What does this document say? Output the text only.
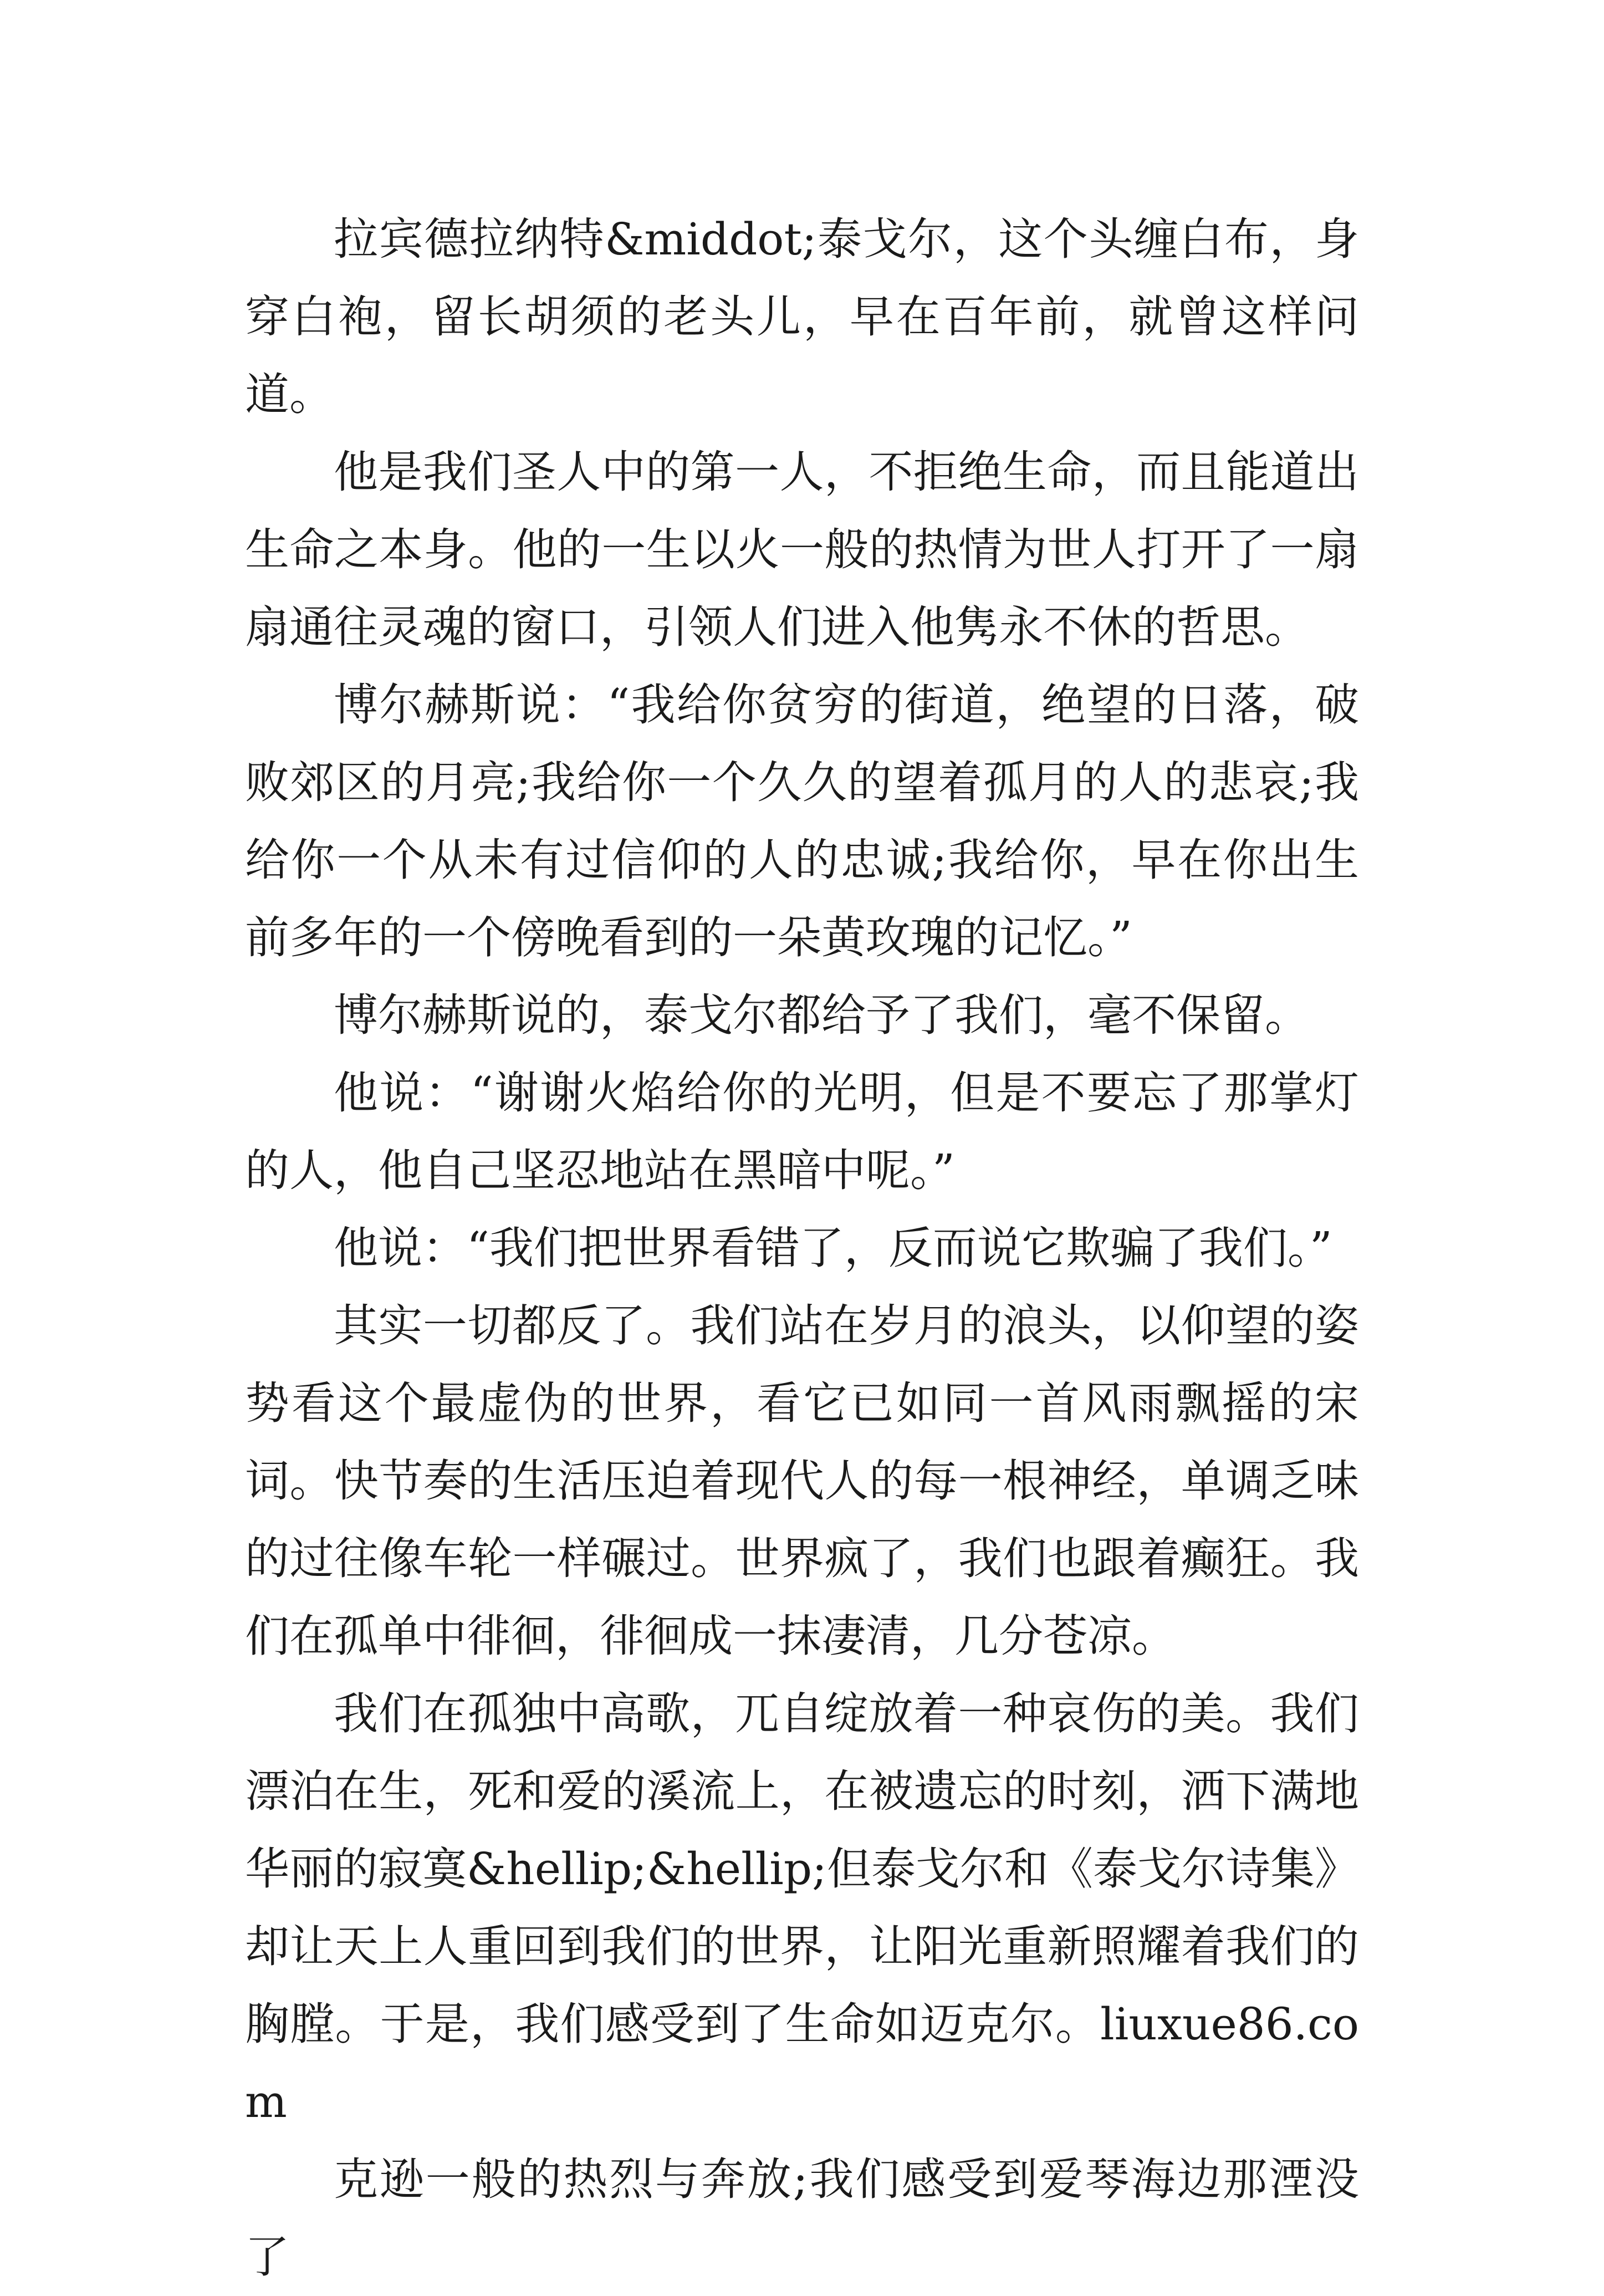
拉宾德拉纳特&middot;泰戈尔，这个头缠白布，身穿白袍，留长胡须的老头儿，早在百年前，就曾这样问道。

他是我们圣人中的第一人，不拒绝生命，而且能道出生命之本身。他的一生以火一般的热情为世人打开了一扇扇通往灵魂的窗口，引领人们进入他隽永不休的哲思。

博尔赫斯说：“我给你贫穷的街道，绝望的日落，破败郊区的月亮;我给你一个久久的望着孤月的人的悲哀;我给你一个从未有过信仰的人的忠诚;我给你，早在你出生前多年的一个傍晚看到的一朵黄玫瑰的记忆。”

博尔赫斯说的，泰戈尔都给予了我们，毫不保留。

他说：“谢谢火焰给你的光明，但是不要忘了那掌灯的人，他自己坚忍地站在黑暗中呢。”

他说：“我们把世界看错了，反而说它欺骗了我们。”

其实一切都反了。我们站在岁月的浪头，以仰望的姿势看这个最虚伪的世界，看它已如同一首风雨飘摇的宋词。快节奏的生活压迫着现代人的每一根神经，单调乏味的过往像车轮一样碾过。世界疯了，我们也跟着癫狂。我们在孤单中徘徊，徘徊成一抹凄清，几分苍凉。

我们在孤独中高歌，兀自绽放着一种哀伤的美。我们漂泊在生，死和爱的溪流上，在被遗忘的时刻，洒下满地华丽的寂寞&hellip;&hellip;但泰戈尔和《泰戈尔诗集》却让天上人重回到我们的世界，让阳光重新照耀着我们的胸膛。于是，我们感受到了生命如迈克尔。liuxue86.com

克逊一般的热烈与奔放;我们感受到爱琴海边那湮没了
